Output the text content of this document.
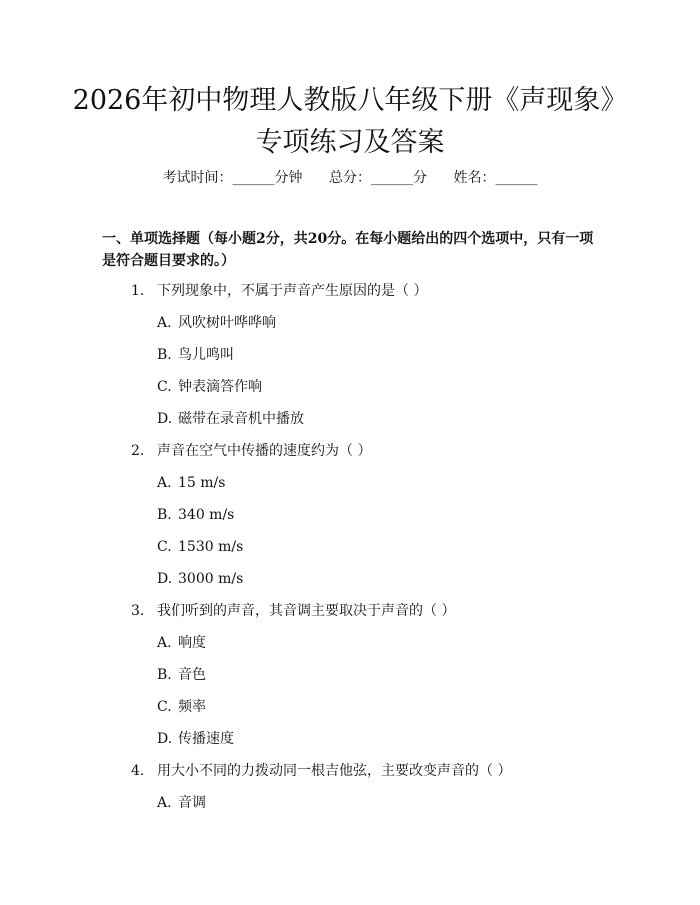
2026年初中物理人教版八年级下册《声现象》专项练习及答案
考试时间：______分钟 总分：______分 姓名：______
一、单项选择题（每小题2分，共20分。在每小题给出的四个选项中，只有一项是符合题目要求的。）
1. 下列现象中，不属于声音产生原因的是（ ）
A. 风吹树叶哗哗响
B. 鸟儿鸣叫
C. 钟表滴答作响
D. 磁带在录音机中播放
2. 声音在空气中传播的速度约为（ ）
A. 15 m/s
B. 340 m/s
C. 1530 m/s
D. 3000 m/s
3. 我们听到的声音，其音调主要取决于声音的（ ）
A. 响度
B. 音色
C. 频率
D. 传播速度
4. 用大小不同的力拨动同一根吉他弦，主要改变声音的（ ）
A. 音调
